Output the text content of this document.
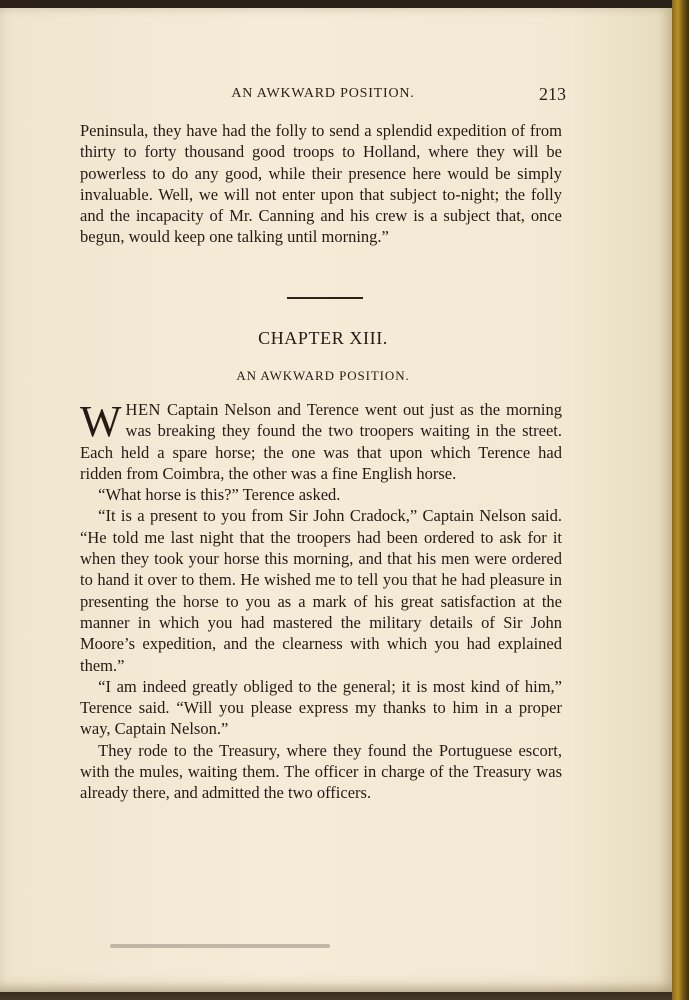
AN AWKWARD POSITION.	213

Peninsula, they have had the folly to send a splendid expedition of from thirty to forty thousand good troops to Holland, where they will be powerless to do any good, while their presence here would be simply invaluable. Well, we will not enter upon that subject to-night; the folly and the incapacity of Mr. Canning and his crew is a subject that, once begun, would keep one talking until morning.”

CHAPTER XIII.
AN AWKWARD POSITION.

WHEN Captain Nelson and Terence went out just as the morning was breaking they found the two troopers waiting in the street. Each held a spare horse; the one was that upon which Terence had ridden from Coimbra, the other was a fine English horse.

“What horse is this?” Terence asked.

“It is a present to you from Sir John Cradock,” Captain Nelson said. “He told me last night that the troopers had been ordered to ask for it when they took your horse this morning, and that his men were ordered to hand it over to them. He wished me to tell you that he had pleasure in presenting the horse to you as a mark of his great satisfaction at the manner in which you had mastered the military details of Sir John Moore’s expedition, and the clearness with which you had explained them.”

“I am indeed greatly obliged to the general; it is most kind of him,” Terence said. “Will you please express my thanks to him in a proper way, Captain Nelson.”

They rode to the Treasury, where they found the Portuguese escort, with the mules, waiting them. The officer in charge of the Treasury was already there, and admitted the two officers.
